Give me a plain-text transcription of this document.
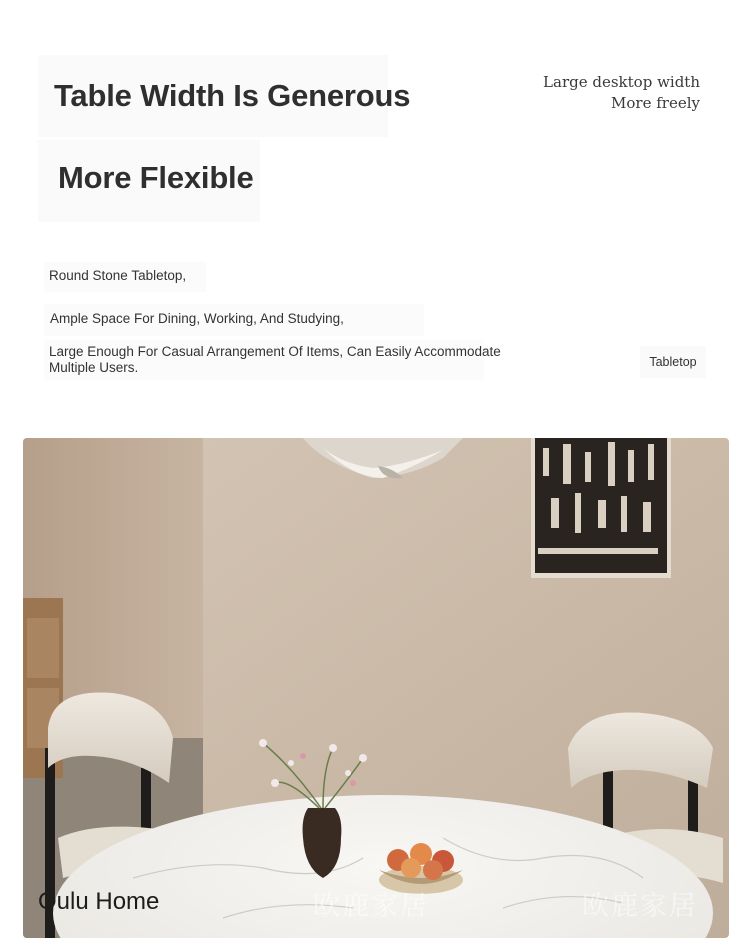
Table Width Is Generous
More Flexible
Large desktop width
More freely

Round Stone Tabletop,

Ample Space For Dining, Working, And Studying,

Large Enough For Casual Arrangement Of Items, Can Easily Accommodate
Multiple Users.	Tabletop
Oulu Home	欧鹿家居	欧鹿家居
